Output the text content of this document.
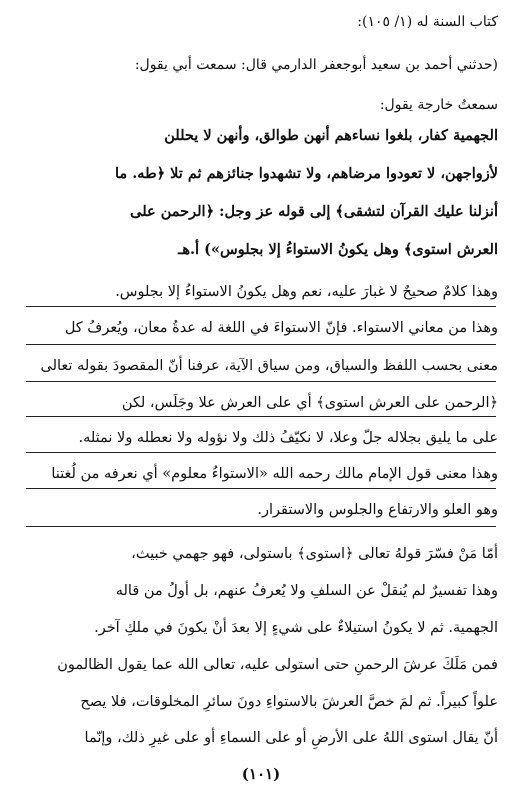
كتاب السنة له (١/ ١٠٥):
(حدثني أحمد بن سعيد أبوجعفر الدارمي قال: سمعت أبي يقول:
سمعتُ خارجة يقول:
الجهمية كفار، بلغوا نساءهم أنهن طوالق، وأنهن لا يحللن
لأزواجهن، لا تعودوا مرضاهم، ولا تشهدوا جنائزهم ثم تلا ﴿طه. ما
أنزلنا عليك القرآن لتشقى﴾ إلى قوله عز وجل: ﴿الرحمن على
العرش استوى﴾ وهل يكونُ الاستواءُ إلا بجلوس») أ.هـ
وهذا كلامٌ صحيحٌ لا غبارَ عليه، نعم وهل يكونُ الاستواءُ إلا بجلوس.
وهذا من معاني الاستواء. فإنّ الاستواءَ في اللغة له عدةُ معان، ويُعرفُ كل
معنى بحسب اللفظ والسياق، ومن سياق الآية، عرفنا أنّ المقصودَ بقوله تعالى
﴿الرحمن على العرش استوى﴾ أي على العرش علا وجَلَس، لكن
على ما يليق بجلاله جلّ وعلا، لا نكيّفُ ذلك ولا نؤوله ولا نعطله ولا نمثله.
وهذا معنى قول الإمام مالك رحمه الله «الاستواءُ معلوم» أي نعرفه من لُغتنا
وهو العلو والارتفاع والجلوس والاستقرار.
أمّا مَنْ فسّرَ قولهُ تعالى ﴿استوى﴾ باستولى، فهو جهمي خبيث،
وهذا تفسيرٌ لم يُنقلْ عن السلفِ ولا يُعرفُ عنهم، بل أولُ من قاله
الجهمية. ثم لا يكونُ استيلاءٌ على شيءٍ إلا بعدَ أنْ يكونَ في ملكِ آخر.
فمن مَلَكَ عرشَ الرحمنِ حتى استولى عليه، تعالى الله عما يقول الظالمون
علواً كبيراً. ثم لمَ خصَّ العرشَ بالاستواءِ دونَ سائرِ المخلوقات، فلا يصح
أنّ يقال استوى اللهُ على الأرضِ أو على السماءِ أو على غيرِ ذلك، وإنّما
(١٠١)
